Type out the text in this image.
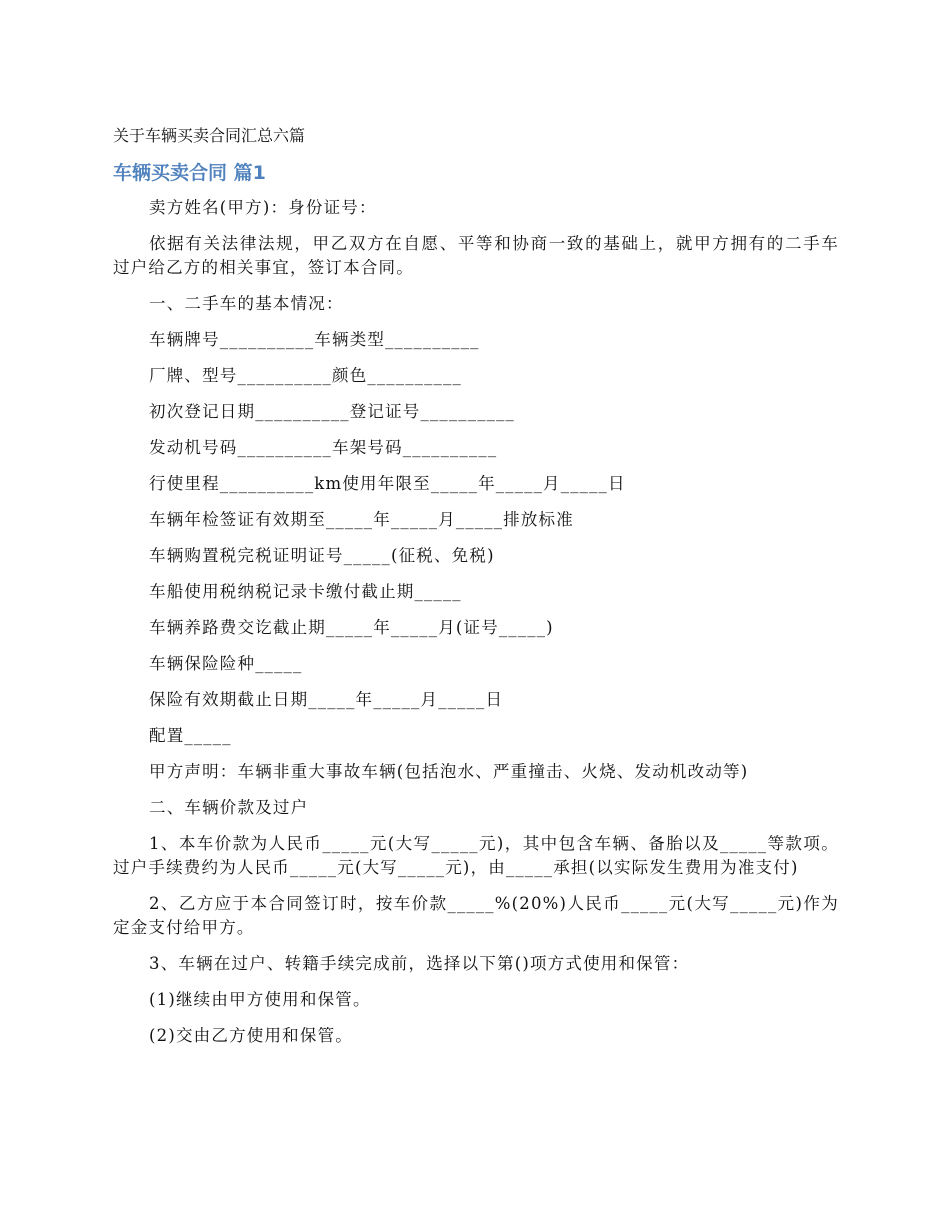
关于车辆买卖合同汇总六篇

车辆买卖合同 篇1

卖方姓名(甲方)：身份证号：

依据有关法律法规，甲乙双方在自愿、平等和协商一致的基础上，就甲方拥有的二手车过户给乙方的相关事宜，签订本合同。

一、二手车的基本情况：

车辆牌号__________车辆类型__________

厂牌、型号__________颜色__________

初次登记日期__________登记证号__________

发动机号码__________车架号码__________

行使里程__________km使用年限至_____年_____月_____日

车辆年检签证有效期至_____年_____月_____排放标准

车辆购置税完税证明证号_____(征税、免税)

车船使用税纳税记录卡缴付截止期_____

车辆养路费交讫截止期_____年_____月(证号_____)

车辆保险险种_____

保险有效期截止日期_____年_____月_____日

配置_____

甲方声明：车辆非重大事故车辆(包括泡水、严重撞击、火烧、发动机改动等)

二、车辆价款及过户

1、本车价款为人民币_____元(大写_____元)，其中包含车辆、备胎以及_____等款项。过户手续费约为人民币_____元(大写_____元)，由_____承担(以实际发生费用为准支付)

2、乙方应于本合同签订时，按车价款_____%(20%)人民币_____元(大写_____元)作为定金支付给甲方。

3、车辆在过户、转籍手续完成前，选择以下第()项方式使用和保管：

(1)继续由甲方使用和保管。

(2)交由乙方使用和保管。
